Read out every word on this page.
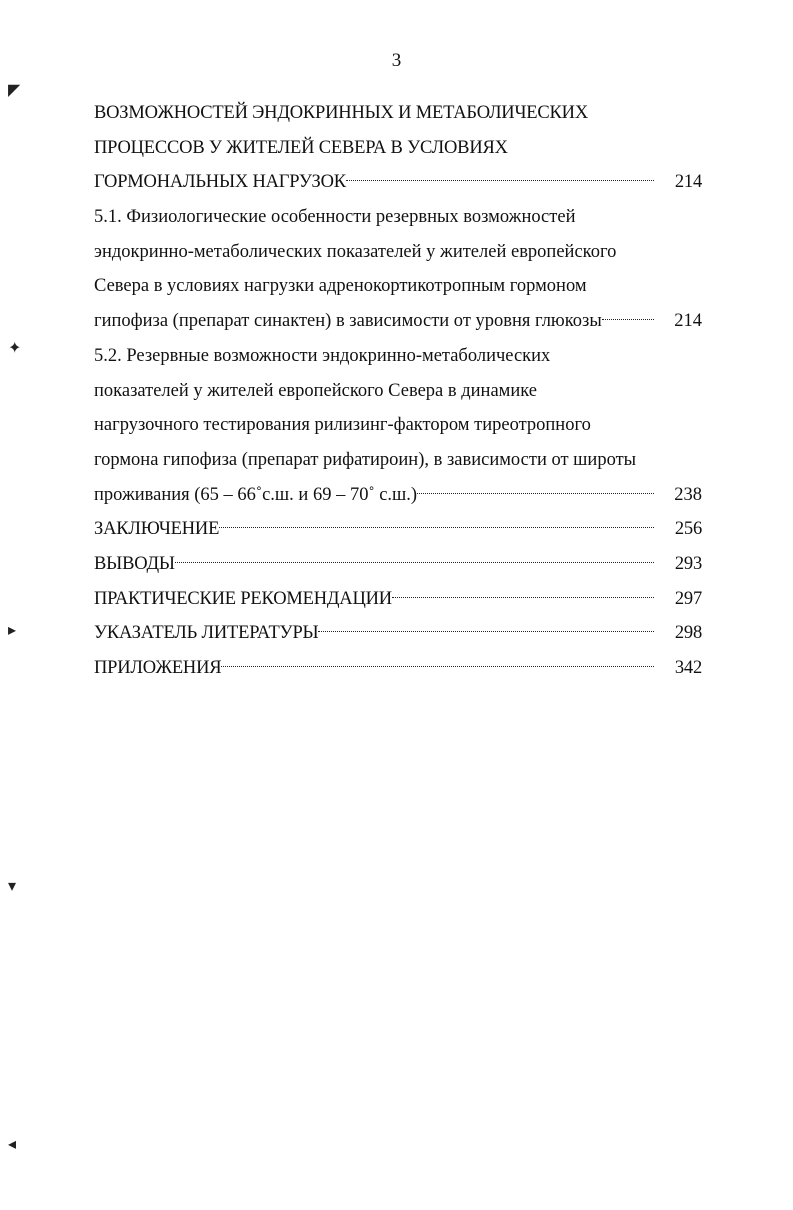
3
◤
✦
▸
▾
◂
ВОЗМОЖНОСТЕЙ ЭНДОКРИННЫХ И МЕТАБОЛИЧЕСКИХ
ПРОЦЕССОВ У ЖИТЕЛЕЙ СЕВЕРА В УСЛОВИЯХ
ГОРМОНАЛЬНЫХ НАГРУЗОК	214
5.1. Физиологические особенности резервных возможностей
эндокринно-метаболических показателей у жителей европейского
Севера в условиях нагрузки адренокортикотропным гормоном
гипофиза (препарат синактен) в зависимости от уровня глюкозы	214
5.2. Резервные возможности эндокринно-метаболических
показателей у жителей европейского Севера в динамике
нагрузочного тестирования рилизинг-фактором тиреотропного
гормона гипофиза (препарат рифатироин), в зависимости от широты
проживания (65 – 66˚с.ш. и 69 – 70˚ с.ш.)	238
ЗАКЛЮЧЕНИЕ	256
ВЫВОДЫ	293
ПРАКТИЧЕСКИЕ РЕКОМЕНДАЦИИ	297
УКАЗАТЕЛЬ ЛИТЕРАТУРЫ	298
ПРИЛОЖЕНИЯ	342
